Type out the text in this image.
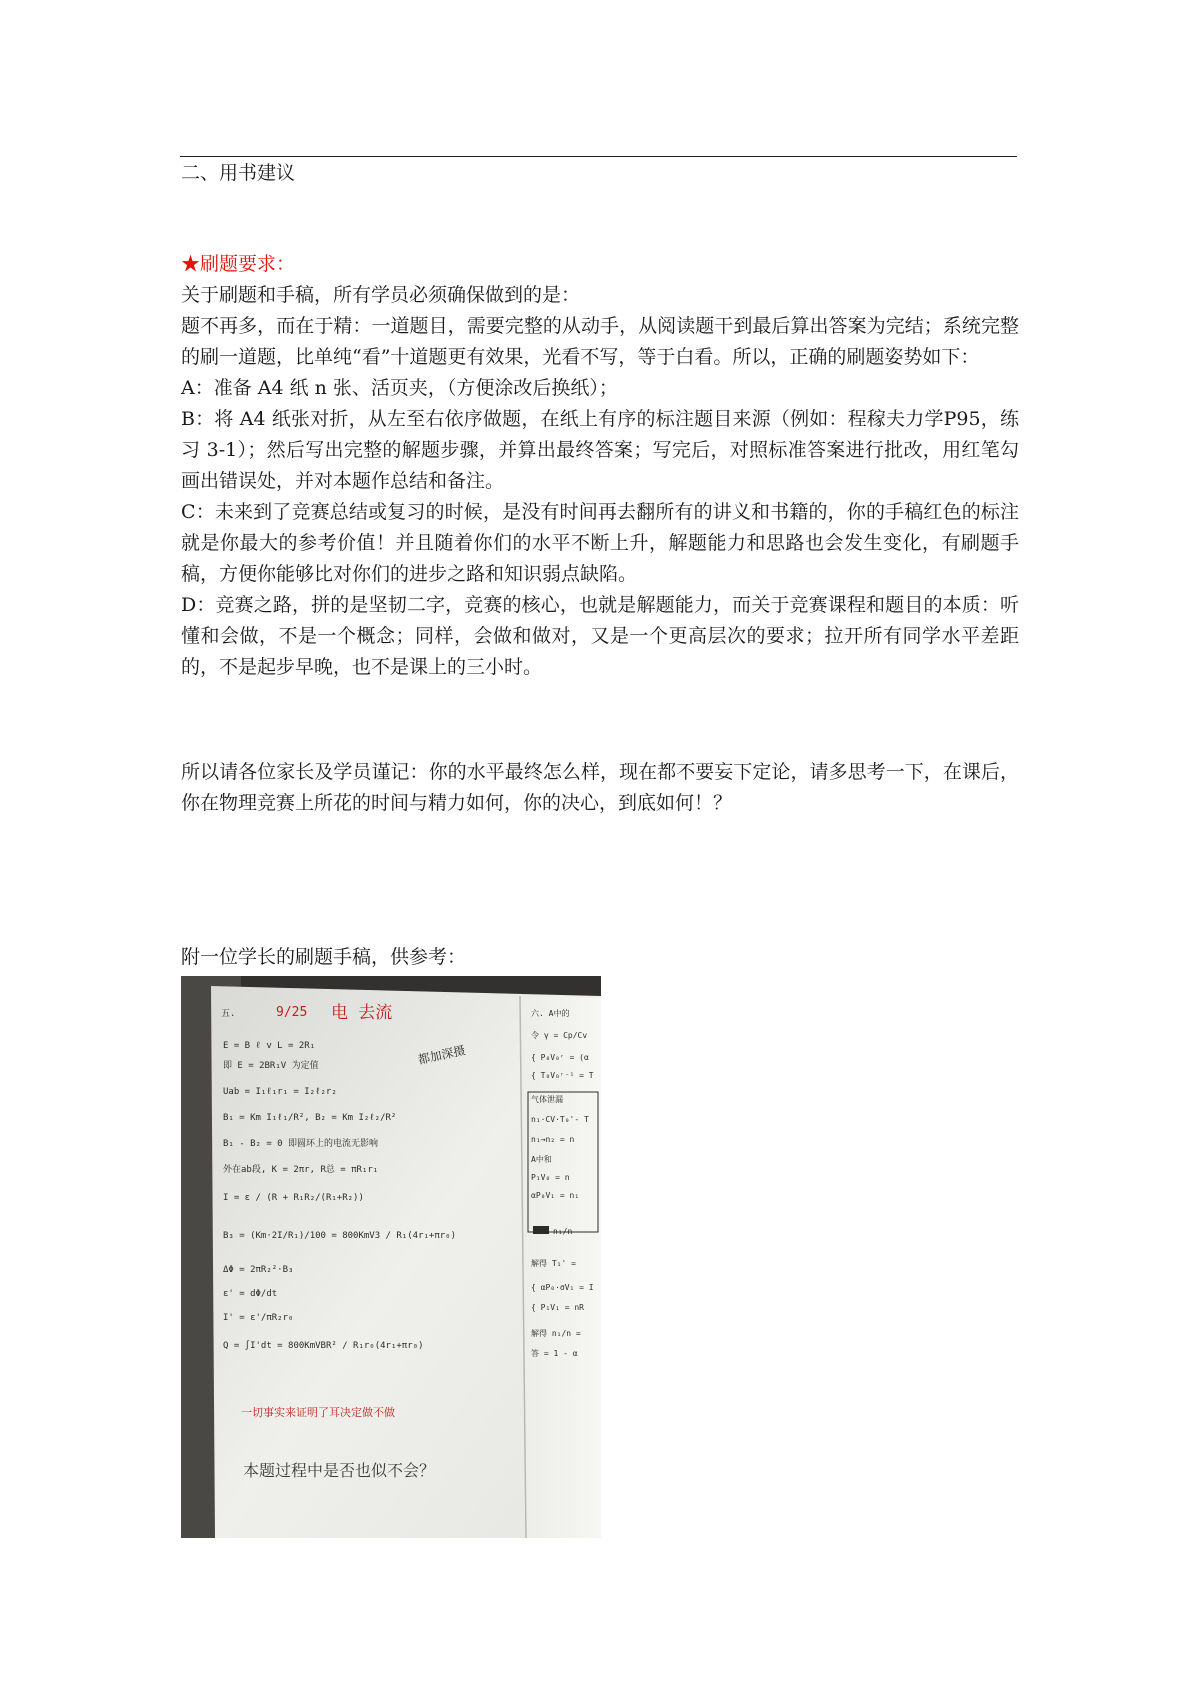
二、用书建议

★刷题要求：

关于刷题和手稿，所有学员必须确保做到的是：

题不再多，而在于精：一道题目，需要完整的从动手，从阅读题干到最后算出答案为完结；系统完整的刷一道题，比单纯“看”十道题更有效果，光看不写，等于白看。所以，正确的刷题姿势如下：

A：准备 A4 纸 n 张、活页夹，（方便涂改后换纸）；

B：将 A4 纸张对折，从左至右依序做题，在纸上有序的标注题目来源（例如：程稼夫力学P95，练习 3-1）；然后写出完整的解题步骤，并算出最终答案；写完后，对照标准答案进行批改，用红笔勾画出错误处，并对本题作总结和备注。

C：未来到了竞赛总结或复习的时候，是没有时间再去翻所有的讲义和书籍的，你的手稿红色的标注就是你最大的参考价值！并且随着你们的水平不断上升，解题能力和思路也会发生变化，有刷题手稿，方便你能够比对你们的进步之路和知识弱点缺陷。

D：竞赛之路，拼的是坚韧二字，竞赛的核心，也就是解题能力，而关于竞赛课程和题目的本质：听懂和会做，不是一个概念；同样，会做和做对，又是一个更高层次的要求；拉开所有同学水平差距的，不是起步早晚，也不是课上的三小时。

所以请各位家长及学员谨记：你的水平最终怎么样，现在都不要妄下定论，请多思考一下，在课后，你在物理竞赛上所花的时间与精力如何，你的决心，到底如何！？
附一位学长的刷题手稿，供参考：
五.	9/25 电 去流
都加深摄
E = B ℓ v L = 2R₁
即 E = 2BR₁V 为定值
Uab = I₁ℓ₁r₁ = I₂ℓ₂r₂
B₁ = Km I₁ℓ₁/R², B₂ = Km I₂ℓ₂/R²
B₁ - B₂ = 0 即圆环上的电流无影响
外在ab段, K = 2πr, R总 = πR₁r₁
I = ε / (R + R₁R₂/(R₁+R₂))
B₃ = (Km·2I/R₁)/100 = 800KmV3 / R₁(4r₁+πr₀)
ΔΦ = 2πR₂²·B₃
ε' = dΦ/dt
I' = ε'/πR₂r₀
Q = ∫I'dt = 800KmVBR² / R₁r₀(4r₁+πr₀)
一切事实来证明了耳决定做不做
本题过程中是否也似不会？
六. A中的
令 γ = Cp/Cv
{ P₀V₀ʳ = (α
{ T₀V₀ʳ⁻¹ = T
气体泄漏
n₁·CV·T₀'- T
n₁→n₂ = n
A中和
P₁V₀ = n
αP₀V₁ = n₁
n₁/n
解得 T₁' =
{ αP₀·σV₁ = I
{ P₁V₁ = nR
解得 n₁/n =
答 = 1 - α
